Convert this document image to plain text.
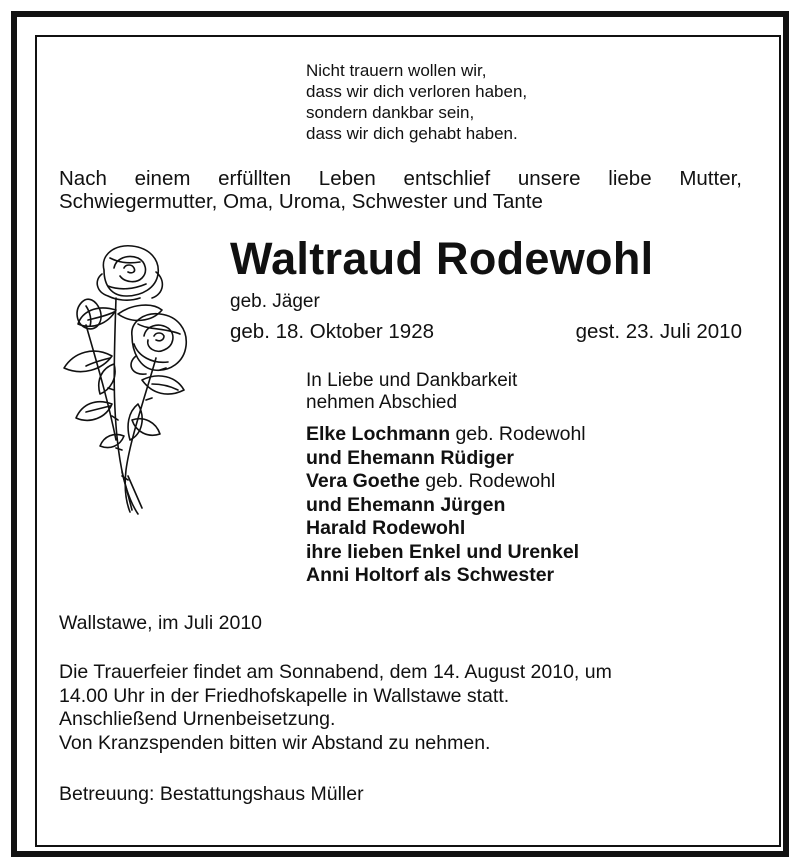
Nicht trauern wollen wir,
dass wir dich verloren haben,
sondern dankbar sein,
dass wir dich gehabt haben.
Nach einem erfüllten Leben entschlief unsere liebe Mutter,
Schwiegermutter, Oma, Uroma, Schwester und Tante
Waltraud Rodewohl
geb. Jäger
geb. 18. Oktober 1928	gest. 23. Juli 2010
In Liebe und Dankbarkeit
nehmen Abschied
Elke Lochmann geb. Rodewohl
und Ehemann Rüdiger
Vera Goethe geb. Rodewohl
und Ehemann Jürgen
Harald Rodewohl
ihre lieben Enkel und Urenkel
Anni Holtorf als Schwester
Wallstawe, im Juli 2010
Die Trauerfeier findet am Sonnabend, dem 14. August 2010, um
14.00 Uhr in der Friedhofskapelle in Wallstawe statt.
Anschließend Urnenbeisetzung.
Von Kranzspenden bitten wir Abstand zu nehmen.
Betreuung: Bestattungshaus Müller
